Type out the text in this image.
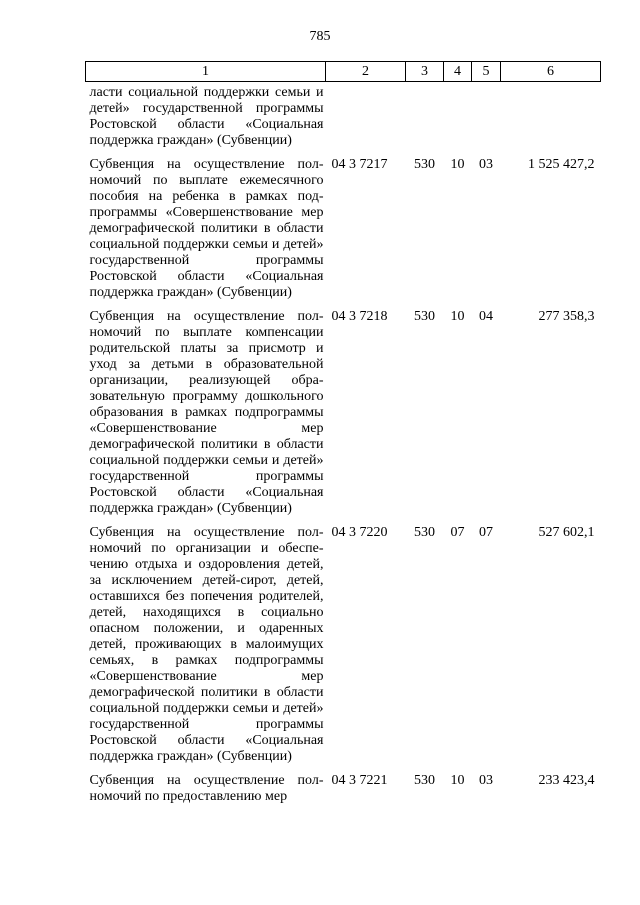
785
1	2	3	4	5	6
ласти социальной поддержки семьи и детей» государственной программы Ростовской области «Социальная поддержка граждан» (Субвенции)					
Субвенция на осуществление полномочий по выплате ежемесячного пособия на ребенка в рамках подпрограммы «Совершенствование мер демографической политики в области социальной поддержки семьи и детей» государственной программы Ростовской области «Социальная поддержка граждан» (Субвенции)	04 3 7217	530	10	03	1 525 427,2
Субвенция на осуществление полномочий по выплате компенсации родительской платы за присмотр и уход за детьми в образовательной организации, реализующей образовательную программу дошкольного образования в рамках подпрограммы «Совершенствование мер демографической политики в области социальной поддержки семьи и детей» государственной программы Ростовской области «Социальная поддержка граждан» (Субвенции)	04 3 7218	530	10	04	277 358,3
Субвенция на осуществление полномочий по организации и обеспечению отдыха и оздоровления детей, за исключением детей-сирот, детей, оставшихся без попечения родителей, детей, находящихся в социально опасном положении, и одаренных детей, проживающих в малоимущих семьях, в рамках подпрограммы «Совершенствование мер демографической политики в области социальной поддержки семьи и детей» государственной программы Ростовской области «Социальная поддержка граждан» (Субвенции)	04 3 7220	530	07	07	527 602,1
Субвенция на осуществление полномочий по предоставлению мер	04 3 7221	530	10	03	233 423,4
